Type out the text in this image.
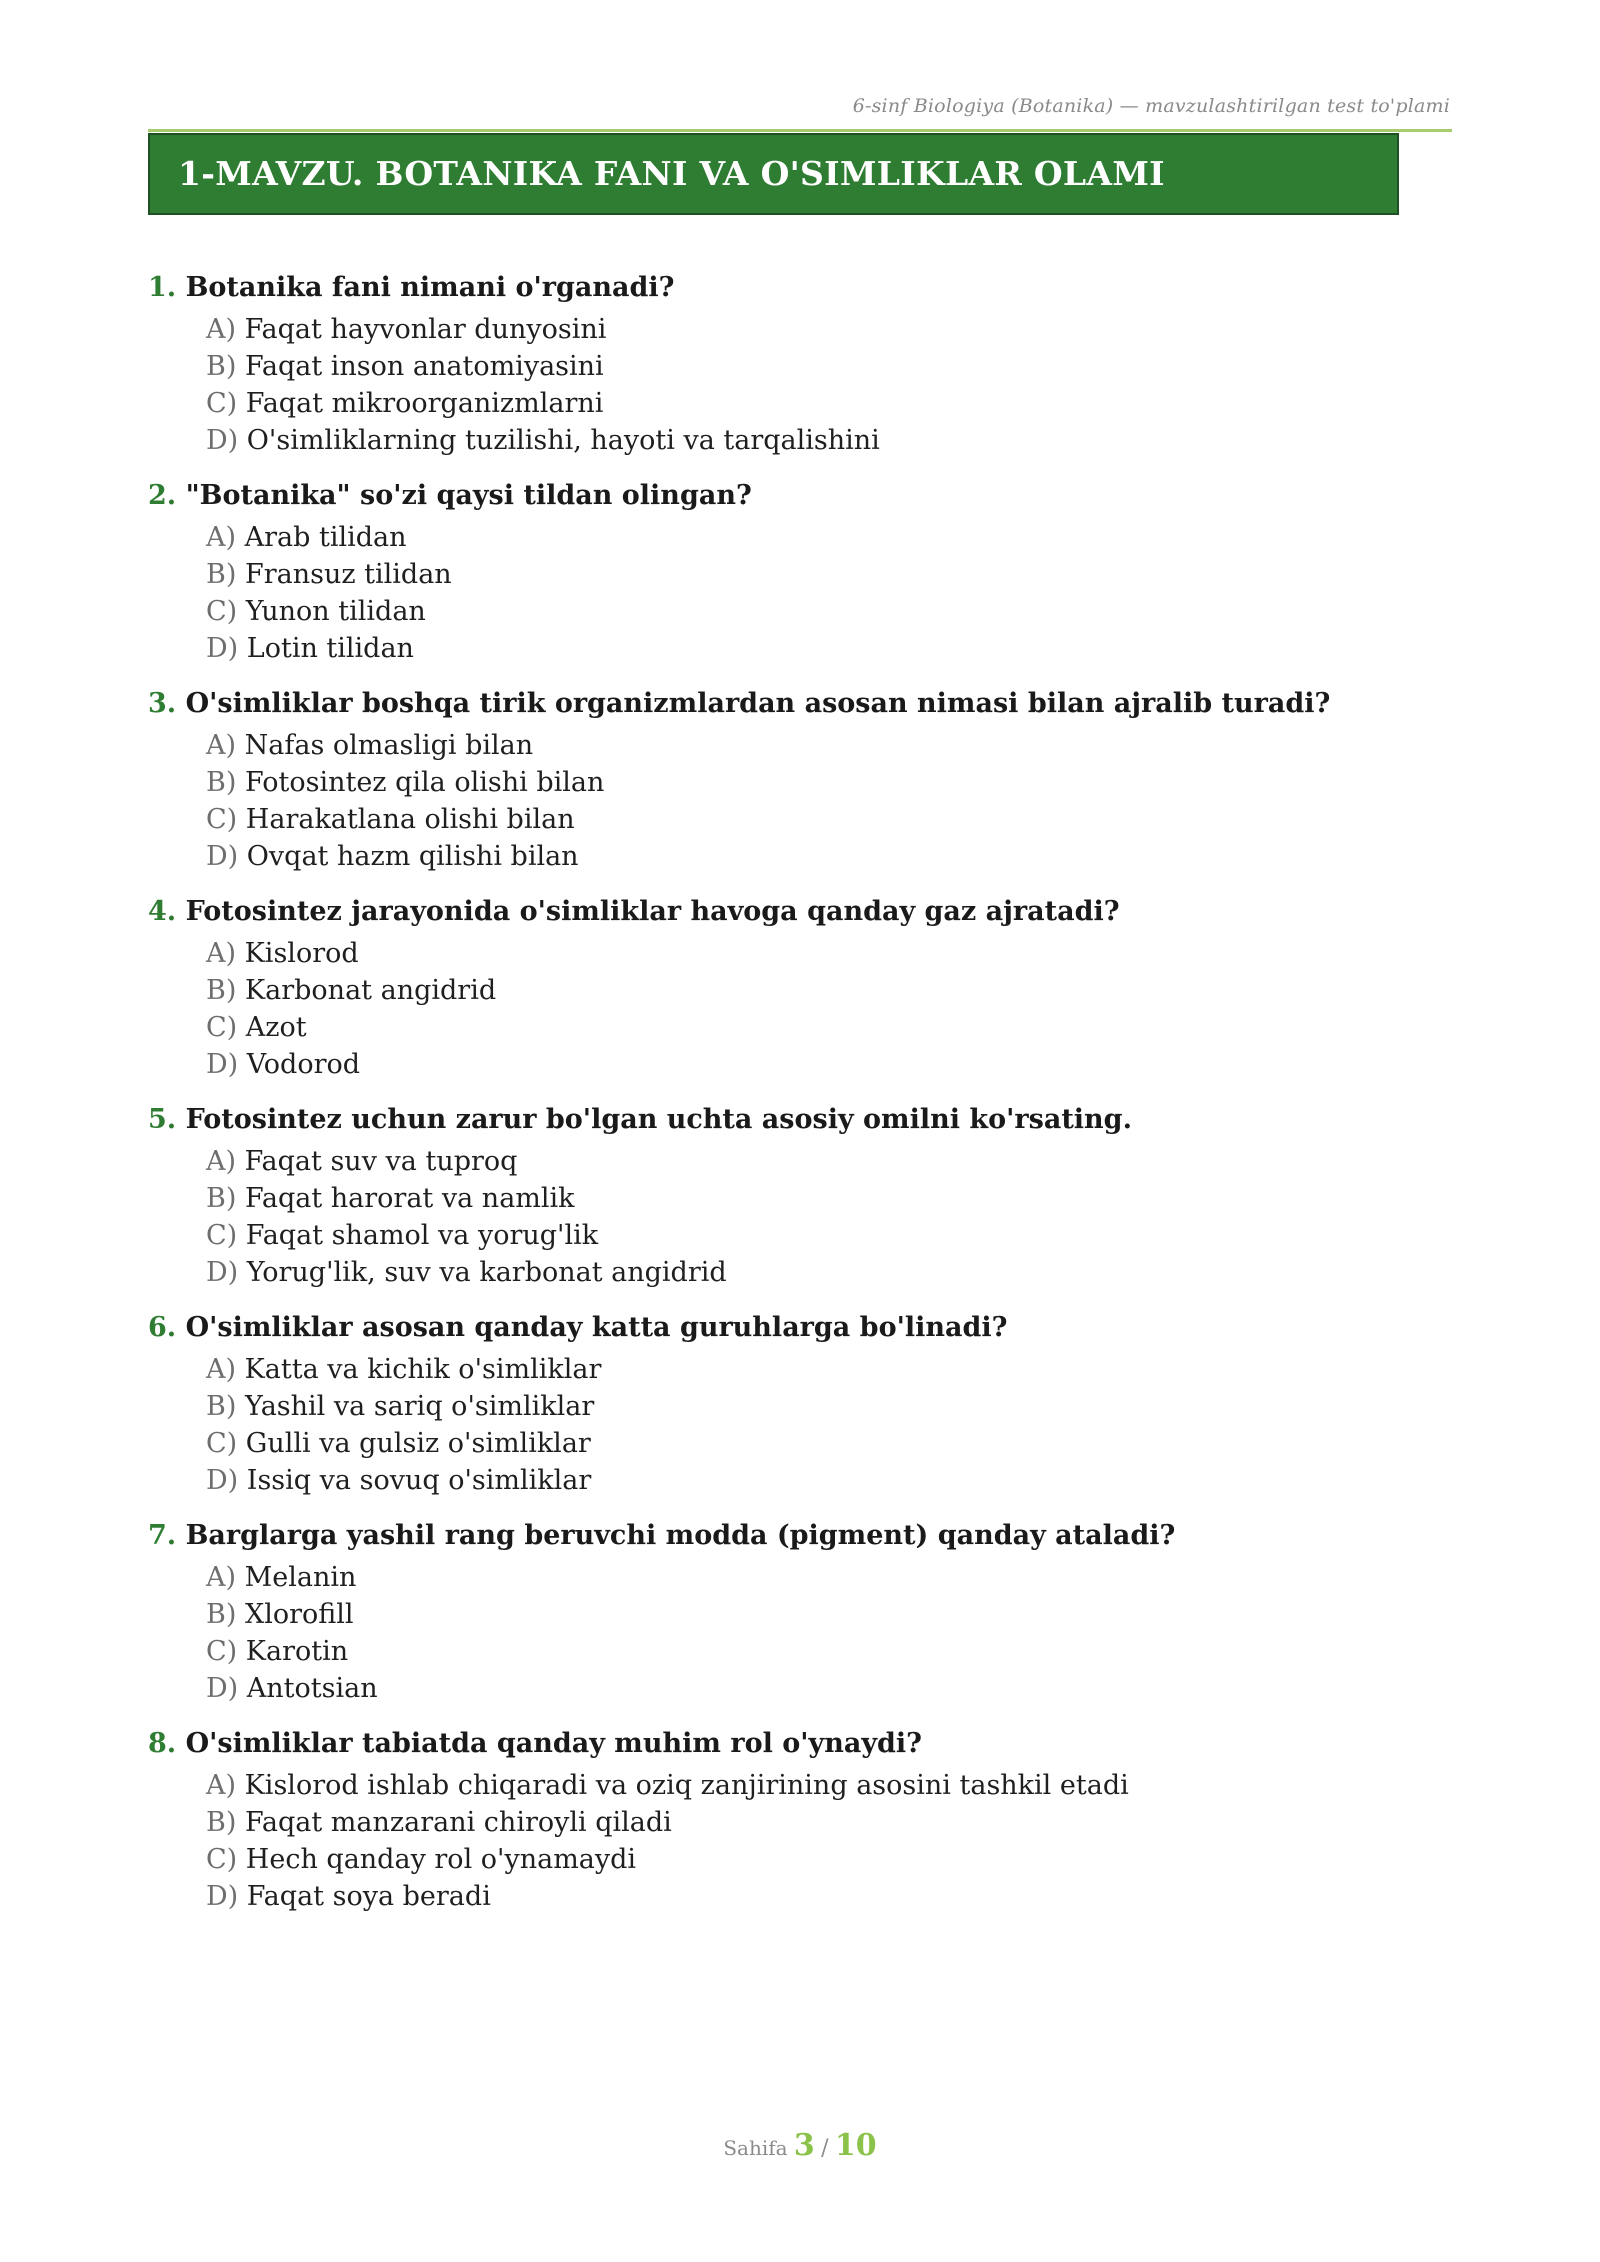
6-sinf Biologiya (Botanika) — mavzulashtirilgan test to'plami
1-MAVZU. BOTANIKA FANI VA O'SIMLIKLAR OLAMI
1. Botanika fani nimani o'rganadi?
A) Faqat hayvonlar dunyosini
B) Faqat inson anatomiyasini
C) Faqat mikroorganizmlarni
D) O'simliklarning tuzilishi, hayoti va tarqalishini
2. "Botanika" so'zi qaysi tildan olingan?
A) Arab tilidan
B) Fransuz tilidan
C) Yunon tilidan
D) Lotin tilidan
3. O'simliklar boshqa tirik organizmlardan asosan nimasi bilan ajralib turadi?
A) Nafas olmasligi bilan
B) Fotosintez qila olishi bilan
C) Harakatlana olishi bilan
D) Ovqat hazm qilishi bilan
4. Fotosintez jarayonida o'simliklar havoga qanday gaz ajratadi?
A) Kislorod
B) Karbonat angidrid
C) Azot
D) Vodorod
5. Fotosintez uchun zarur bo'lgan uchta asosiy omilni ko'rsating.
A) Faqat suv va tuproq
B) Faqat harorat va namlik
C) Faqat shamol va yorug'lik
D) Yorug'lik, suv va karbonat angidrid
6. O'simliklar asosan qanday katta guruhlarga bo'linadi?
A) Katta va kichik o'simliklar
B) Yashil va sariq o'simliklar
C) Gulli va gulsiz o'simliklar
D) Issiq va sovuq o'simliklar
7. Barglarga yashil rang beruvchi modda (pigment) qanday ataladi?
A) Melanin
B) Xlorofill
C) Karotin
D) Antotsian
8. O'simliklar tabiatda qanday muhim rol o'ynaydi?
A) Kislorod ishlab chiqaradi va oziq zanjirining asosini tashkil etadi
B) Faqat manzarani chiroyli qiladi
C) Hech qanday rol o'ynamaydi
D) Faqat soya beradi
Sahifa 3 / 10
